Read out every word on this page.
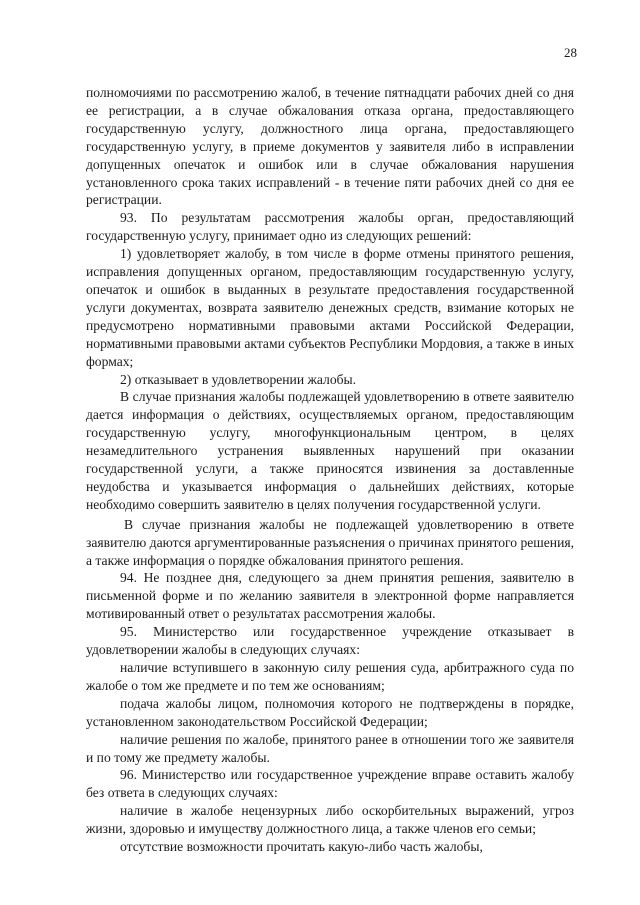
28

полномочиями по рассмотрению жалоб, в течение пятнадцати рабочих дней со дня ее регистрации, а в случае обжалования отказа органа, предоставляющего государственную услугу, должностного лица органа, предоставляющего государственную услугу, в приеме документов у заявителя либо в исправлении допущенных опечаток и ошибок или в случае обжалования нарушения установленного срока таких исправлений - в течение пяти рабочих дней со дня ее регистрации.

93. По результатам рассмотрения жалобы орган, предоставляющий государственную услугу, принимает одно из следующих решений:

1) удовлетворяет жалобу, в том числе в форме отмены принятого решения, исправления допущенных органом, предоставляющим государственную услугу, опечаток и ошибок в выданных в результате предоставления государственной услуги документах, возврата заявителю денежных средств, взимание которых не предусмотрено нормативными правовыми актами Российской Федерации, нормативными правовыми актами субъектов Республики Мордовия, а также в иных формах;

2) отказывает в удовлетворении жалобы.

В случае признания жалобы подлежащей удовлетворению в ответе заявителю дается информация о действиях, осуществляемых органом, предоставляющим государственную услугу, многофункциональным центром, в целях незамедлительного устранения выявленных нарушений при оказании государственной услуги, а также приносятся извинения за доставленные неудобства и указывается информация о дальнейших действиях, которые необходимо совершить заявителю в целях получения государственной услуги.

В случае признания жалобы не подлежащей удовлетворению в ответе заявителю даются аргументированные разъяснения о причинах принятого решения, а также информация о порядке обжалования принятого решения.

94. Не позднее дня, следующего за днем принятия решения, заявителю в письменной форме и по желанию заявителя в электронной форме направляется мотивированный ответ о результатах рассмотрения жалобы.

95. Министерство или государственное учреждение отказывает в удовлетворении жалобы в следующих случаях:

наличие вступившего в законную силу решения суда, арбитражного суда по жалобе о том же предмете и по тем же основаниям;

подача жалобы лицом, полномочия которого не подтверждены в порядке, установленном законодательством Российской Федерации;

наличие решения по жалобе, принятого ранее в отношении того же заявителя и по тому же предмету жалобы.

96. Министерство или государственное учреждение вправе оставить жалобу без ответа в следующих случаях:

наличие в жалобе нецензурных либо оскорбительных выражений, угроз жизни, здоровью и имуществу должностного лица, а также членов его семьи;

отсутствие возможности прочитать какую-либо часть жалобы,
